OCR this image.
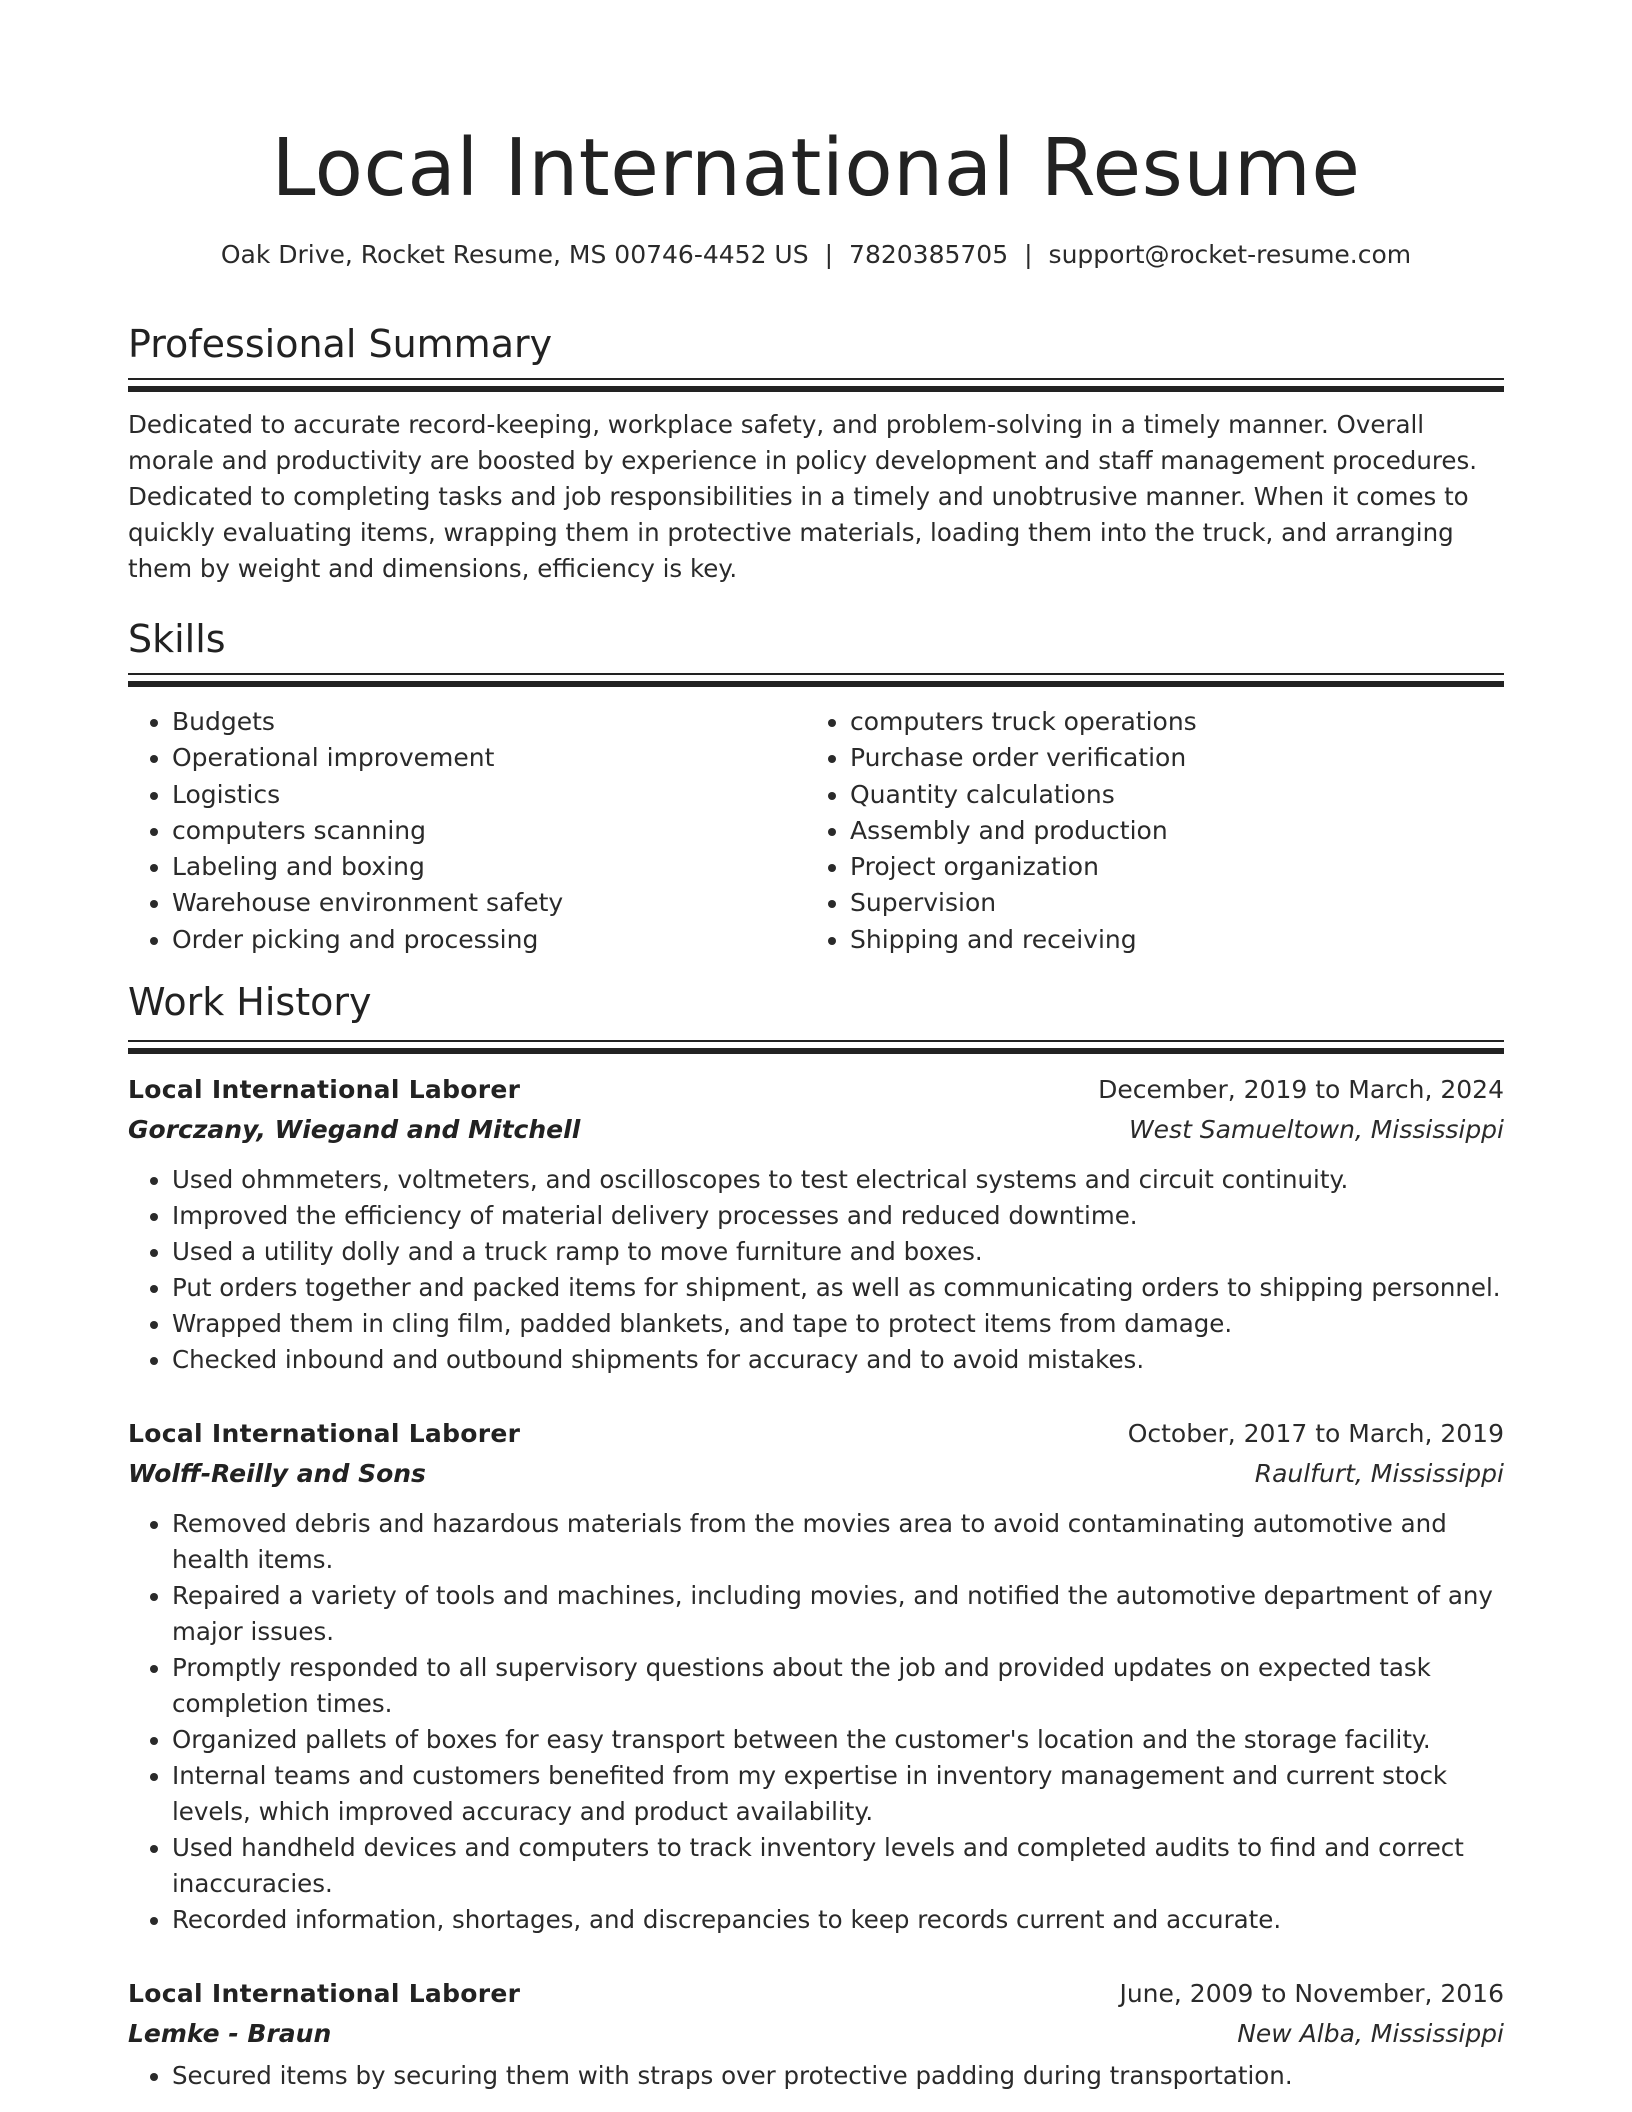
Local International Resume
Oak Drive, Rocket Resume, MS 00746-4452 US | 7820385705 | support@rocket-resume.com
Professional Summary

Dedicated to accurate record-keeping, workplace safety, and problem-solving in a timely manner. Overall morale and productivity are boosted by experience in policy development and staff management procedures. Dedicated to completing tasks and job responsibilities in a timely and unobtrusive manner. When it comes to quickly evaluating items, wrapping them in protective materials, loading them into the truck, and arranging them by weight and dimensions, efficiency is key.

Skills
• Budgets
• Operational improvement
• Logistics
• computers scanning
• Labeling and boxing
• Warehouse environment safety
• Order picking and processing
• computers truck operations
• Purchase order verification
• Quantity calculations
• Assembly and production
• Project organization
• Supervision
• Shipping and receiving
Work History
Local International Laborer	December, 2019 to March, 2024
Gorczany, Wiegand and Mitchell	West Samueltown, Mississippi
• Used ohmmeters, voltmeters, and oscilloscopes to test electrical systems and circuit continuity.
• Improved the efficiency of material delivery processes and reduced downtime.
• Used a utility dolly and a truck ramp to move furniture and boxes.
• Put orders together and packed items for shipment, as well as communicating orders to shipping personnel.
• Wrapped them in cling film, padded blankets, and tape to protect items from damage.
• Checked inbound and outbound shipments for accuracy and to avoid mistakes.
Local International Laborer	October, 2017 to March, 2019
Wolff-Reilly and Sons	Raulfurt, Mississippi
• Removed debris and hazardous materials from the movies area to avoid contaminating automotive and health items.
• Repaired a variety of tools and machines, including movies, and notified the automotive department of any major issues.
• Promptly responded to all supervisory questions about the job and provided updates on expected task completion times.
• Organized pallets of boxes for easy transport between the customer's location and the storage facility.
• Internal teams and customers benefited from my expertise in inventory management and current stock levels, which improved accuracy and product availability.
• Used handheld devices and computers to track inventory levels and completed audits to find and correct inaccuracies.
• Recorded information, shortages, and discrepancies to keep records current and accurate.
Local International Laborer	June, 2009 to November, 2016
Lemke - Braun	New Alba, Mississippi
• Secured items by securing them with straps over protective padding during transportation.
